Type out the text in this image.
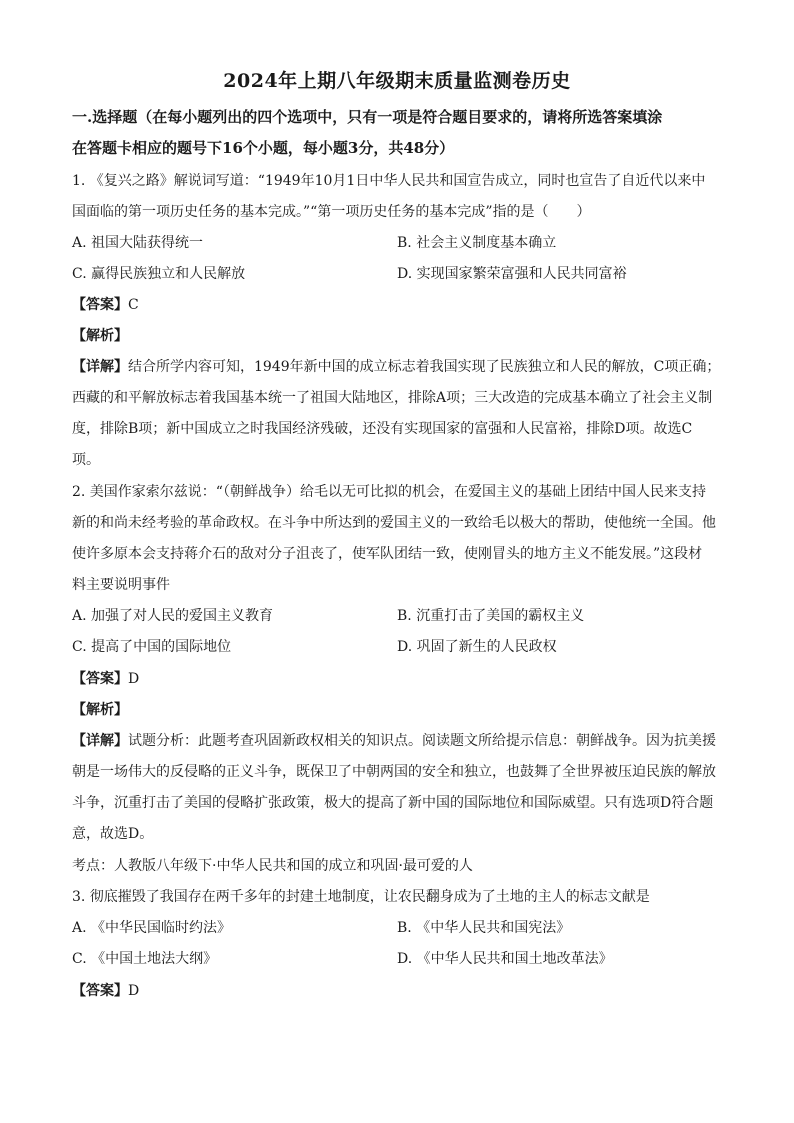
2024年上期八年级期末质量监测卷历史
一.选择题（在每小题列出的四个选项中，只有一项是符合题目要求的，请将所选答案填涂
在答题卡相应的题号下16个小题，每小题3分，共48分）
1. 《复兴之路》解说词写道：“1949年10月1日中华人民共和国宣告成立，同时也宣告了自近代以来中
国面临的第一项历史任务的基本完成。”“第一项历史任务的基本完成”指的是（　　）
A. 祖国大陆获得统一	B. 社会主义制度基本确立
C. 赢得民族独立和人民解放	D. 实现国家繁荣富强和人民共同富裕
【答案】C
【解析】
【详解】结合所学内容可知，1949年新中国的成立标志着我国实现了民族独立和人民的解放，C项正确；
西藏的和平解放标志着我国基本统一了祖国大陆地区，排除A项；三大改造的完成基本确立了社会主义制
度，排除B项；新中国成立之时我国经济残破，还没有实现国家的富强和人民富裕，排除D项。故选C
项。
2. 美国作家索尔兹说：“（朝鲜战争）给毛以无可比拟的机会，在爱国主义的基础上团结中国人民来支持
新的和尚未经考验的革命政权。在斗争中所达到的爱国主义的一致给毛以极大的帮助，使他统一全国。他
使许多原本会支持蒋介石的敌对分子沮丧了，使军队团结一致，使刚冒头的地方主义不能发展。”这段材
料主要说明事件
A. 加强了对人民的爱国主义教育	B. 沉重打击了美国的霸权主义
C. 提高了中国的国际地位	D. 巩固了新生的人民政权
【答案】D
【解析】
【详解】试题分析：此题考查巩固新政权相关的知识点。阅读题文所给提示信息：朝鲜战争。因为抗美援
朝是一场伟大的反侵略的正义斗争，既保卫了中朝两国的安全和独立，也鼓舞了全世界被压迫民族的解放
斗争，沉重打击了美国的侵略扩张政策，极大的提高了新中国的国际地位和国际威望。只有选项D符合题
意，故选D。
考点：人教版八年级下·中华人民共和国的成立和巩固·最可爱的人
3. 彻底摧毁了我国存在两千多年的封建土地制度，让农民翻身成为了土地的主人的标志文献是
A. 《中华民国临时约法》	B. 《中华人民共和国宪法》
C. 《中国土地法大纲》	D. 《中华人民共和国土地改革法》
【答案】D
